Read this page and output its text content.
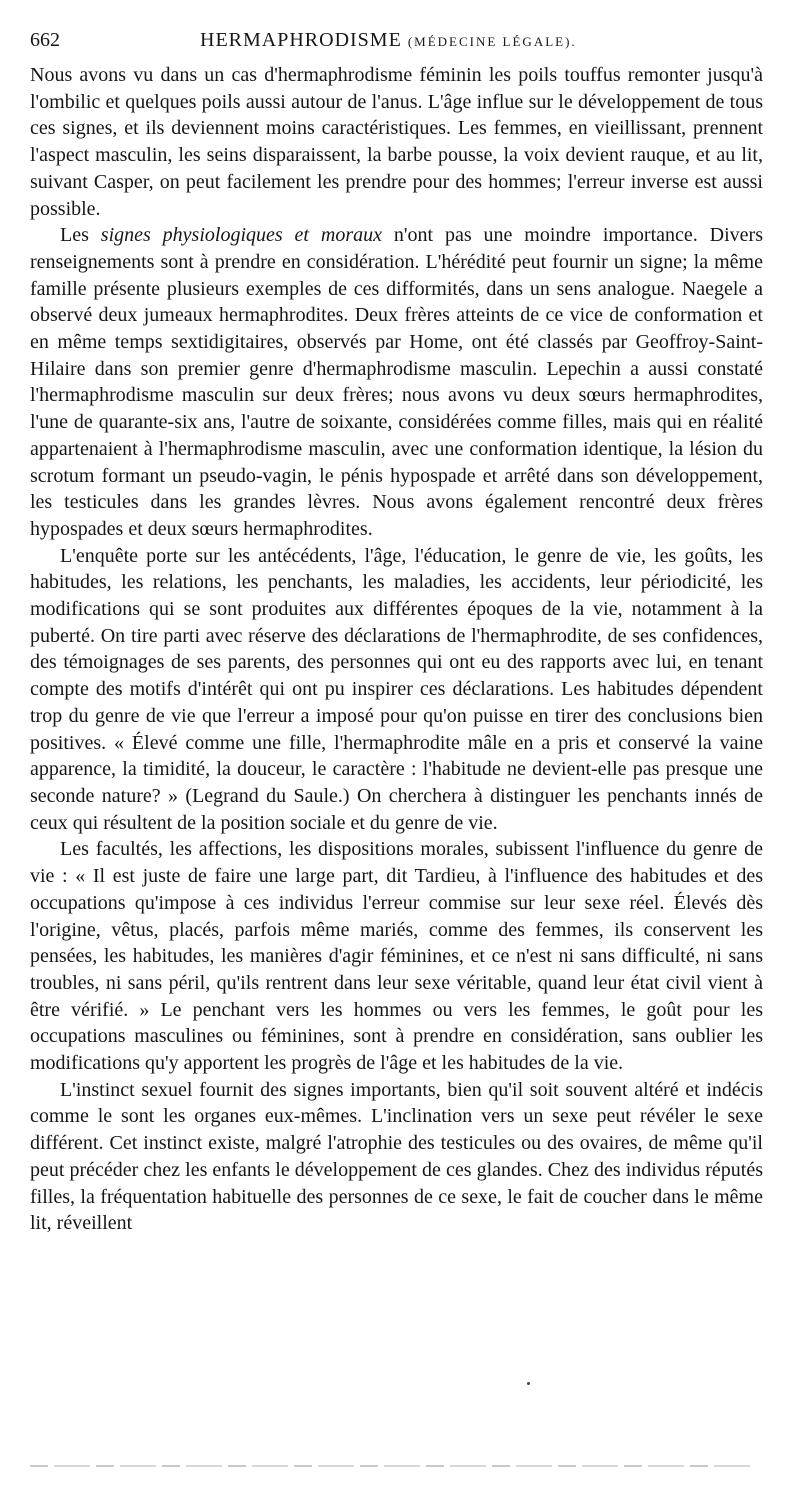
662	HERMAPHRODISME (MÉDECINE LÉGALE).

Nous avons vu dans un cas d'hermaphrodisme féminin les poils touffus remonter jusqu'à l'ombilic et quelques poils aussi autour de l'anus. L'âge influe sur le développement de tous ces signes, et ils deviennent moins caractéristiques. Les femmes, en vieillissant, prennent l'aspect masculin, les seins disparaissent, la barbe pousse, la voix devient rauque, et au lit, suivant Casper, on peut facilement les prendre pour des hommes; l'erreur inverse est aussi possible.

Les signes physiologiques et moraux n'ont pas une moindre importance. Divers renseignements sont à prendre en considération. L'hérédité peut fournir un signe; la même famille présente plusieurs exemples de ces difformités, dans un sens analogue. Naegele a observé deux jumeaux hermaphrodites. Deux frères atteints de ce vice de conformation et en même temps sextidigitaires, observés par Home, ont été classés par Geoffroy-Saint-Hilaire dans son premier genre d'hermaphrodisme masculin. Lepechin a aussi constaté l'hermaphrodisme masculin sur deux frères; nous avons vu deux sœurs hermaphrodites, l'une de quarante-six ans, l'autre de soixante, considérées comme filles, mais qui en réalité appartenaient à l'hermaphrodisme masculin, avec une conformation identique, la lésion du scrotum formant un pseudo-vagin, le pénis hypospade et arrêté dans son développement, les testicules dans les grandes lèvres. Nous avons également rencontré deux frères hypospades et deux sœurs hermaphrodites.

L'enquête porte sur les antécédents, l'âge, l'éducation, le genre de vie, les goûts, les habitudes, les relations, les penchants, les maladies, les accidents, leur périodicité, les modifications qui se sont produites aux différentes époques de la vie, notamment à la puberté. On tire parti avec réserve des déclarations de l'hermaphrodite, de ses confidences, des témoignages de ses parents, des personnes qui ont eu des rapports avec lui, en tenant compte des motifs d'intérêt qui ont pu inspirer ces déclarations. Les habitudes dépendent trop du genre de vie que l'erreur a imposé pour qu'on puisse en tirer des conclusions bien positives. « Élevé comme une fille, l'hermaphrodite mâle en a pris et conservé la vaine apparence, la timidité, la douceur, le caractère : l'habitude ne devient-elle pas presque une seconde nature? » (Legrand du Saule.) On cherchera à distinguer les penchants innés de ceux qui résultent de la position sociale et du genre de vie.

Les facultés, les affections, les dispositions morales, subissent l'influence du genre de vie : « Il est juste de faire une large part, dit Tardieu, à l'influence des habitudes et des occupations qu'impose à ces individus l'erreur commise sur leur sexe réel. Élevés dès l'origine, vêtus, placés, parfois même mariés, comme des femmes, ils conservent les pensées, les habitudes, les manières d'agir féminines, et ce n'est ni sans difficulté, ni sans troubles, ni sans péril, qu'ils rentrent dans leur sexe véritable, quand leur état civil vient à être vérifié. » Le penchant vers les hommes ou vers les femmes, le goût pour les occupations masculines ou féminines, sont à prendre en considération, sans oublier les modifications qu'y apportent les progrès de l'âge et les habitudes de la vie.

L'instinct sexuel fournit des signes importants, bien qu'il soit souvent altéré et indécis comme le sont les organes eux-mêmes. L'inclination vers un sexe peut révéler le sexe différent. Cet instinct existe, malgré l'atrophie des testicules ou des ovaires, de même qu'il peut précéder chez les enfants le développement de ces glandes. Chez des individus réputés filles, la fréquentation habituelle des personnes de ce sexe, le fait de coucher dans le même lit, réveillent
